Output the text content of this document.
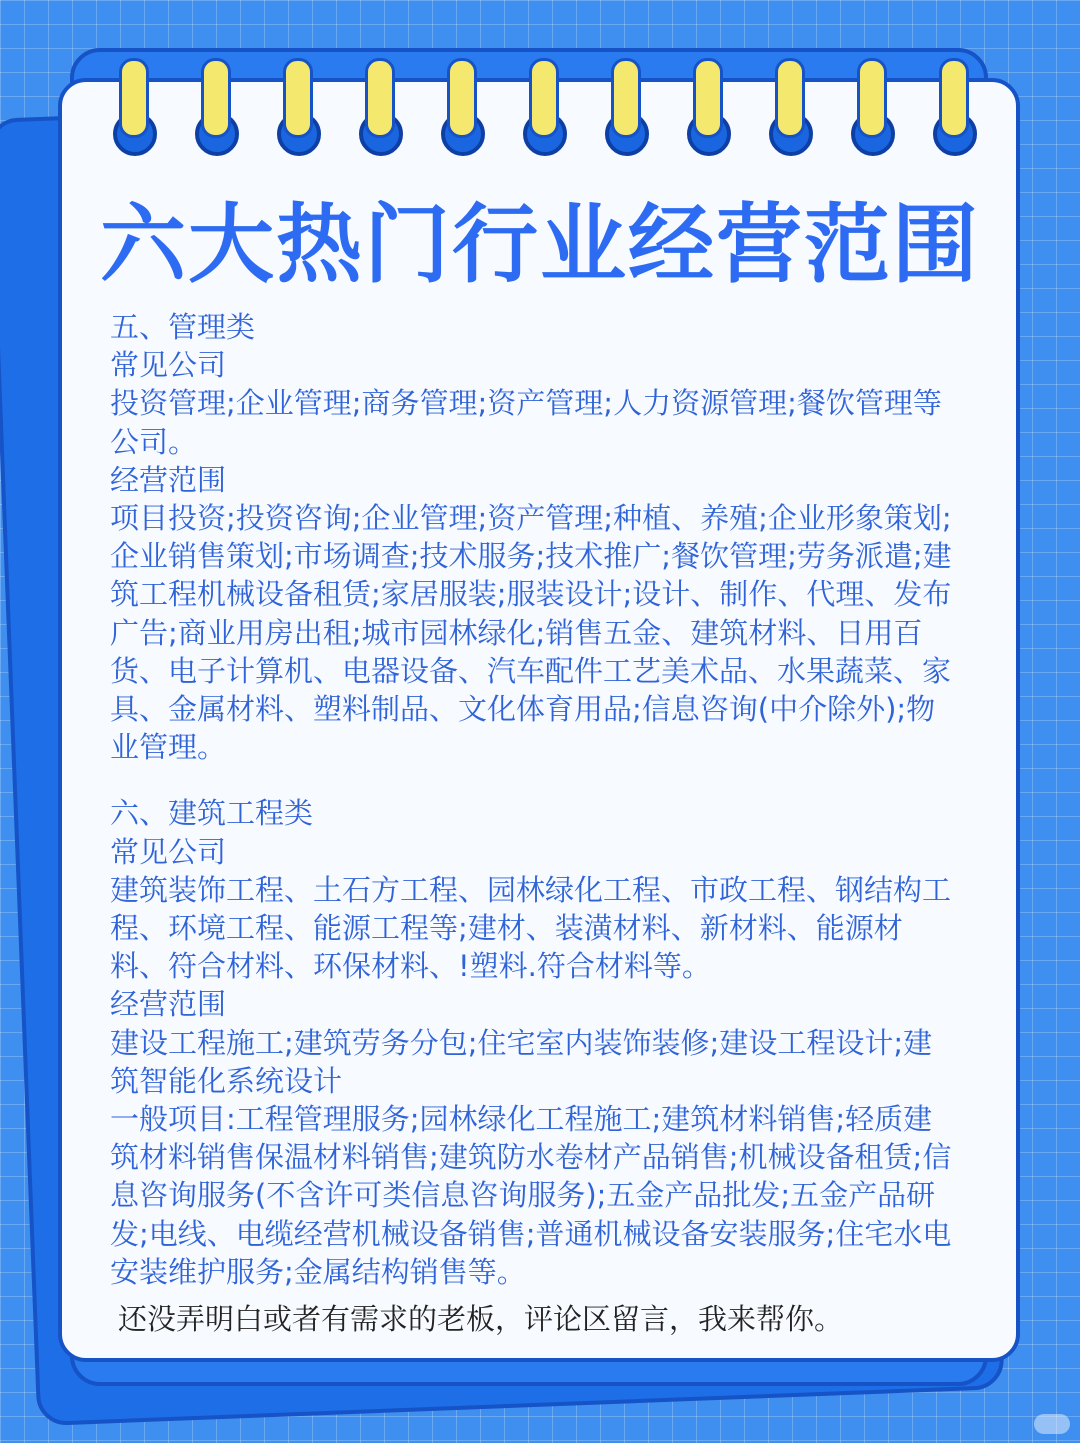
六大热门行业经营范围

五、管理类

常见公司

投资管理;企业管理;商务管理;资产管理;人力资源管理;餐饮管理等公司。

经营范围

项目投资;投资咨询;企业管理;资产管理;种植、养殖;企业形象策划;企业销售策划;市场调查;技术服务;技术推广;餐饮管理;劳务派遣;建筑工程机械设备租赁;家居服装;服装设计;设计、制作、代理、发布广告;商业用房出租;城市园林绿化;销售五金、建筑材料、日用百货、电子计算机、电器设备、汽车配件工艺美术品、水果蔬菜、家具、金属材料、塑料制品、文化体育用品;信息咨询(中介除外);物业管理。

六、建筑工程类

常见公司

建筑装饰工程、土石方工程、园林绿化工程、市政工程、钢结构工程、环境工程、能源工程等;建材、装潢材料、新材料、能源材料、符合材料、环保材料、!塑料.符合材料等。

经营范围

建设工程施工;建筑劳务分包;住宅室内装饰装修;建设工程设计;建筑智能化系统设计

一般项目:工程管理服务;园林绿化工程施工;建筑材料销售;轻质建筑材料销售保温材料销售;建筑防水卷材产品销售;机械设备租赁;信息咨询服务(不含许可类信息咨询服务);五金产品批发;五金产品研发;电线、电缆经营机械设备销售;普通机械设备安装服务;住宅水电安装维护服务;金属结构销售等。

还没弄明白或者有需求的老板，评论区留言，我来帮你。
